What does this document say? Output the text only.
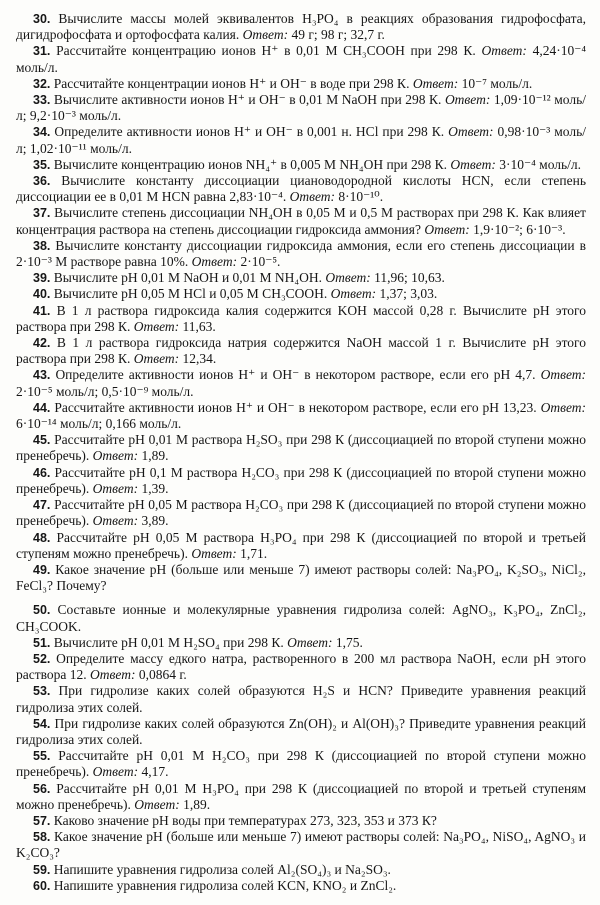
30. Вычислите массы молей эквивалентов H₃PO₄ в реакциях образования гидрофосфата, дигидрофосфата и ортофосфата калия. Ответ: 49 г; 98 г; 32,7 г.

31. Рассчитайте концентрацию ионов H⁺ в 0,01 М CH₃COOH при 298 К. Ответ: 4,24·10⁻⁴ моль/л.

32. Рассчитайте концентрации ионов H⁺ и OH⁻ в воде при 298 К. Ответ: 10⁻⁷ моль/л.

33. Вычислите активности ионов H⁺ и OH⁻ в 0,01 М NaOH при 298 К. Ответ: 1,09·10⁻¹² моль/л; 9,2·10⁻³ моль/л.

34. Определите активности ионов H⁺ и OH⁻ в 0,001 н. HCl при 298 К. Ответ: 0,98·10⁻³ моль/л; 1,02·10⁻¹¹ моль/л.

35. Вычислите концентрацию ионов NH₄⁺ в 0,005 М NH₄OH при 298 К. Ответ: 3·10⁻⁴ моль/л.

36. Вычислите константу диссоциации циановодородной кислоты HCN, если степень диссоциации ее в 0,01 М HCN равна 2,83·10⁻⁴. Ответ: 8·10⁻¹⁰.

37. Вычислите степень диссоциации NH₄OH в 0,05 М и 0,5 М растворах при 298 К. Как влияет концентрация раствора на степень диссоциации гидроксида аммония? Ответ: 1,9·10⁻²; 6·10⁻³.

38. Вычислите константу диссоциации гидроксида аммония, если его степень диссоциации в 2·10⁻³ М растворе равна 10%. Ответ: 2·10⁻⁵.

39. Вычислите pH 0,01 М NaOH и 0,01 М NH₄OH. Ответ: 11,96; 10,63.

40. Вычислите pH 0,05 М HCl и 0,05 М CH₃COOH. Ответ: 1,37; 3,03.

41. В 1 л раствора гидроксида калия содержится KOH массой 0,28 г. Вычислите pH этого раствора при 298 К. Ответ: 11,63.

42. В 1 л раствора гидроксида натрия содержится NaOH массой 1 г. Вычислите pH этого раствора при 298 К. Ответ: 12,34.

43. Определите активности ионов H⁺ и OH⁻ в некотором растворе, если его pH 4,7. Ответ: 2·10⁻⁵ моль/л; 0,5·10⁻⁹ моль/л.

44. Рассчитайте активности ионов H⁺ и OH⁻ в некотором растворе, если его pH 13,23. Ответ: 6·10⁻¹⁴ моль/л; 0,166 моль/л.

45. Рассчитайте pH 0,01 М раствора H₂SO₃ при 298 К (диссоциацией по второй ступени можно пренебречь). Ответ: 1,89.

46. Рассчитайте pH 0,1 М раствора H₂CO₃ при 298 К (диссоциацией по второй ступени можно пренебречь). Ответ: 1,39.

47. Рассчитайте pH 0,05 М раствора H₂CO₃ при 298 К (диссоциацией по второй ступени можно пренебречь). Ответ: 3,89.

48. Рассчитайте pH 0,05 М раствора H₃PO₄ при 298 К (диссоциацией по второй и третьей ступеням можно пренебречь). Ответ: 1,71.

49. Какое значение pH (больше или меньше 7) имеют растворы солей: Na₃PO₄, K₂SO₃, NiCl₂, FeCl₃? Почему?

50. Составьте ионные и молекулярные уравнения гидролиза солей: AgNO₃, K₃PO₄, ZnCl₂, CH₃COOK.

51. Вычислите pH 0,01 М H₂SO₄ при 298 К. Ответ: 1,75.

52. Определите массу едкого натра, растворенного в 200 мл раствора NaOH, если pH этого раствора 12. Ответ: 0,0864 г.

53. При гидролизе каких солей образуются H₂S и HCN? Приведите уравнения реакций гидролиза этих солей.

54. При гидролизе каких солей образуются Zn(OH)₂ и Al(OH)₃? Приведите уравнения реакций гидролиза этих солей.

55. Рассчитайте pH 0,01 М H₂CO₃ при 298 К (диссоциацией по второй ступени можно пренебречь). Ответ: 4,17.

56. Рассчитайте pH 0,01 М H₃PO₄ при 298 К (диссоциацией по второй и третьей ступеням можно пренебречь). Ответ: 1,89.

57. Каково значение pH воды при температурах 273, 323, 353 и 373 К?

58. Какое значение pH (больше или меньше 7) имеют растворы солей: Na₃PO₄, NiSO₄, AgNO₃ и K₂CO₃?

59. Напишите уравнения гидролиза солей Al₂(SO₄)₃ и Na₂SO₃.

60. Напишите уравнения гидролиза солей KCN, KNO₂ и ZnCl₂.
